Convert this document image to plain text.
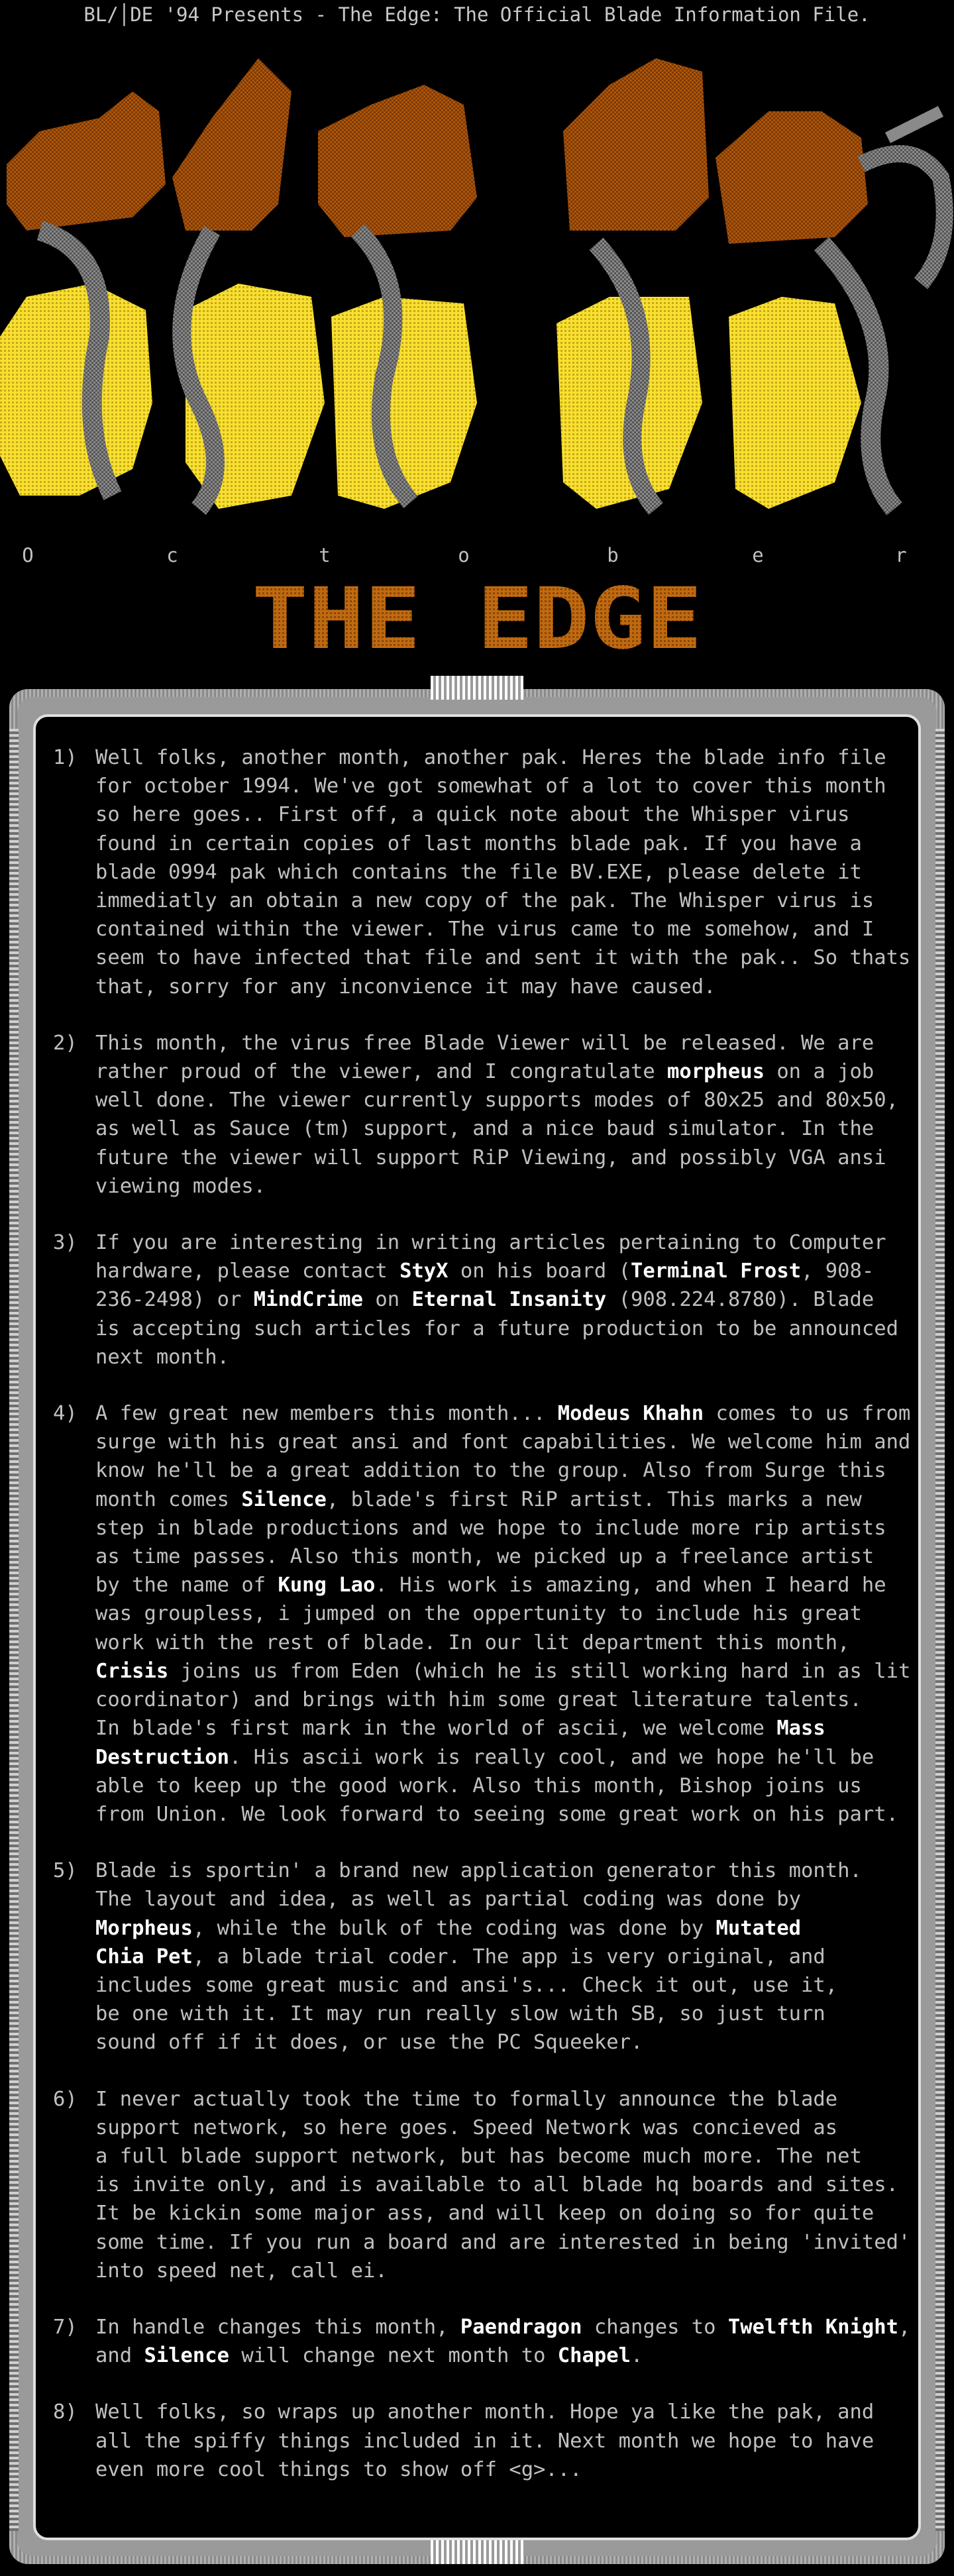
BL/│DE '94 Presents - The Edge: The Official Blade Information File.
O	c	t	o	b	e	r
THE EDGE
1) Well folks, another month, another pak. Heres the blade info file
for october 1994. We've got somewhat of a lot to cover this month
so here goes.. First off, a quick note about the Whisper virus
found in certain copies of last months blade pak. If you have a
blade 0994 pak which contains the file BV.EXE, please delete it
immediatly an obtain a new copy of the pak. The Whisper virus is
contained within the viewer. The virus came to me somehow, and I
seem to have infected that file and sent it with the pak.. So thats
that, sorry for any inconvience it may have caused.
2) This month, the virus free Blade Viewer will be released. We are
rather proud of the viewer, and I congratulate morpheus on a job
well done. The viewer currently supports modes of 80x25 and 80x50,
as well as Sauce (tm) support, and a nice baud simulator. In the
future the viewer will support RiP Viewing, and possibly VGA ansi
viewing modes.
3) If you are interesting in writing articles pertaining to Computer
hardware, please contact StyX on his board (Terminal Frost, 908-
236-2498) or MindCrime on Eternal Insanity (908.224.8780). Blade
is accepting such articles for a future production to be announced
next month.
4) A few great new members this month... Modeus Khahn comes to us from
surge with his great ansi and font capabilities. We welcome him and
know he'll be a great addition to the group. Also from Surge this
month comes Silence, blade's first RiP artist. This marks a new
step in blade productions and we hope to include more rip artists
as time passes. Also this month, we picked up a freelance artist
by the name of Kung Lao. His work is amazing, and when I heard he
was groupless, i jumped on the oppertunity to include his great
work with the rest of blade. In our lit department this month,
Crisis joins us from Eden (which he is still working hard in as lit
coordinator) and brings with him some great literature talents.
In blade's first mark in the world of ascii, we welcome Mass
Destruction. His ascii work is really cool, and we hope he'll be
able to keep up the good work. Also this month, Bishop joins us
from Union. We look forward to seeing some great work on his part.
5) Blade is sportin' a brand new application generator this month.
The layout and idea, as well as partial coding was done by
Morpheus, while the bulk of the coding was done by Mutated
Chia Pet, a blade trial coder. The app is very original, and
includes some great music and ansi's... Check it out, use it,
be one with it. It may run really slow with SB, so just turn
sound off if it does, or use the PC Squeeker.
6) I never actually took the time to formally announce the blade
support network, so here goes. Speed Network was concieved as
a full blade support network, but has become much more. The net
is invite only, and is available to all blade hq boards and sites.
It be kickin some major ass, and will keep on doing so for quite
some time. If you run a board and are interested in being 'invited'
into speed net, call ei.
7) In handle changes this month, Paendragon changes to Twelfth Knight,
and Silence will change next month to Chapel.
8) Well folks, so wraps up another month. Hope ya like the pak, and
all the spiffy things included in it. Next month we hope to have
even more cool things to show off <g>...
